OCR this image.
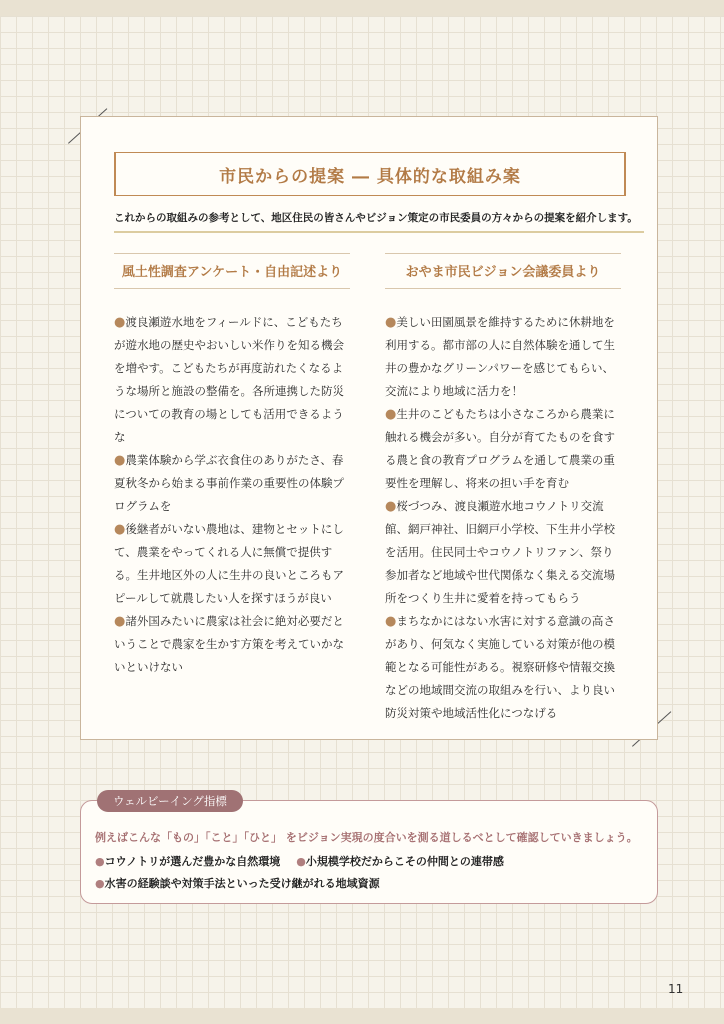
市民からの提案 ― 具体的な取組み案
これからの取組みの参考として、地区住民の皆さんやビジョン策定の市民委員の方々からの提案を紹介します。
風土性調査アンケート・自由記述より

●渡良瀬遊水地をフィールドに、こどもたちが遊水地の歴史やおいしい米作りを知る機会を増やす。こどもたちが再度訪れたくなるような場所と施設の整備を。各所連携した防災についての教育の場としても活用できるような

●農業体験から学ぶ衣食住のありがたさ、春夏秋冬から始まる事前作業の重要性の体験プログラムを

●後継者がいない農地は、建物とセットにして、農業をやってくれる人に無償で提供する。生井地区外の人に生井の良いところもアピールして就農したい人を探すほうが良い

●諸外国みたいに農家は社会に絶対必要だということで農家を生かす方策を考えていかないといけない

おやま市民ビジョン会議委員より

●美しい田園風景を維持するために休耕地を利用する。都市部の人に自然体験を通して生井の豊かなグリーンパワーを感じてもらい、交流により地域に活力を！

●生井のこどもたちは小さなころから農業に触れる機会が多い。自分が育てたものを食する農と食の教育プログラムを通して農業の重要性を理解し、将来の担い手を育む

●桜づつみ、渡良瀬遊水地コウノトリ交流館、網戸神社、旧網戸小学校、下生井小学校を活用。住民同士やコウノトリファン、祭り参加者など地域や世代関係なく集える交流場所をつくり生井に愛着を持ってもらう

●まちなかにはない水害に対する意識の高さがあり、何気なく実施している対策が他の模範となる可能性がある。視察研修や情報交換などの地域間交流の取組みを行い、より良い防災対策や地域活性化につなげる

ウェルビーイング指標
例えばこんな「もの」「こと」「ひと」 をビジョン実現の度合いを測る道しるべとして確認していきましょう。
●コウノトリが選んだ豊かな自然環境 ●小規模学校だからこその仲間との連帯感
●水害の経験談や対策手法といった受け継がれる地域資源
11
